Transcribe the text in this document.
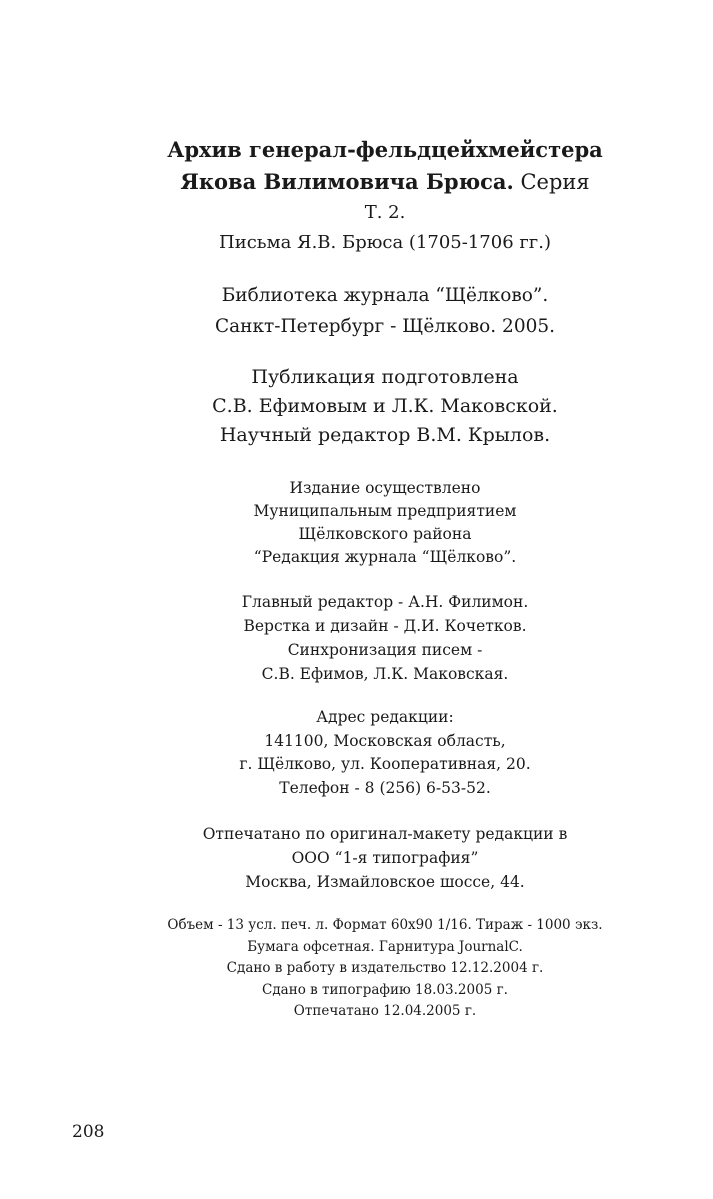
Архив генерал-фельдцейхмейстера
Якова Вилимовича Брюса. Серия
Т. 2.
Письма Я.В. Брюса (1705-1706 гг.)
Библиотека журнала “Щёлково”.
Санкт-Петербург - Щёлково. 2005.
Публикация подготовлена
С.В. Ефимовым и Л.К. Маковской.
Научный редактор В.М. Крылов.
Издание осуществлено
Муниципальным предприятием
Щёлковского района
“Редакция журнала “Щёлково”.
Главный редактор - А.Н. Филимон.
Верстка и дизайн - Д.И. Кочетков.
Синхронизация писем -
С.В. Ефимов, Л.К. Маковская.
Адрес редакции:
141100, Московская область,
г. Щёлково, ул. Кооперативная, 20.
Телефон - 8 (256) 6-53-52.
Отпечатано по оригинал-макету редакции в
ООО “1-я типография”
Москва, Измайловское шоссе, 44.
Объем - 13 усл. печ. л. Формат 60х90 1/16. Тираж - 1000 экз.
Бумага офсетная. Гарнитура JournalC.
Сдано в работу в издательство 12.12.2004 г.
Сдано в типографию 18.03.2005 г.
Отпечатано 12.04.2005 г.
208
